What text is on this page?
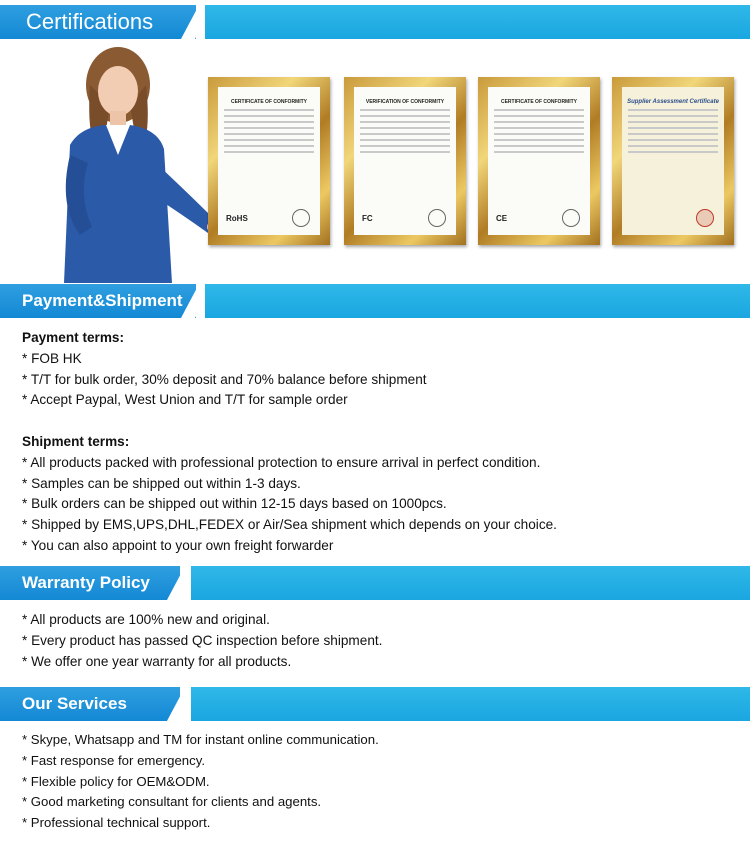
Certifications
CERTIFICATE OF CONFORMITY
RoHS
VERIFICATION OF CONFORMITY
FC
CERTIFICATE OF CONFORMITY
CE
Supplier Assessment Certificate
Payment&Shipment
Payment terms:
* FOB HK
* T/T for bulk order, 30% deposit and 70% balance before shipment
* Accept Paypal, West Union and T/T for sample order
Shipment terms:
* All products packed with professional protection to ensure arrival in perfect condition.
* Samples can be shipped out within 1-3 days.
* Bulk orders can be shipped out within 12-15 days based on 1000pcs.
* Shipped by EMS,UPS,DHL,FEDEX or Air/Sea shipment which depends on your choice.
* You can also appoint to your own freight forwarder
Warranty Policy
* All products are 100% new and original.
* Every product has passed QC inspection before shipment.
* We offer one year warranty for all products.
Our Services
* Skype, Whatsapp and TM for instant online communication.
* Fast response for emergency.
* Flexible policy for OEM&ODM.
* Good marketing consultant for clients and agents.
* Professional technical support.
